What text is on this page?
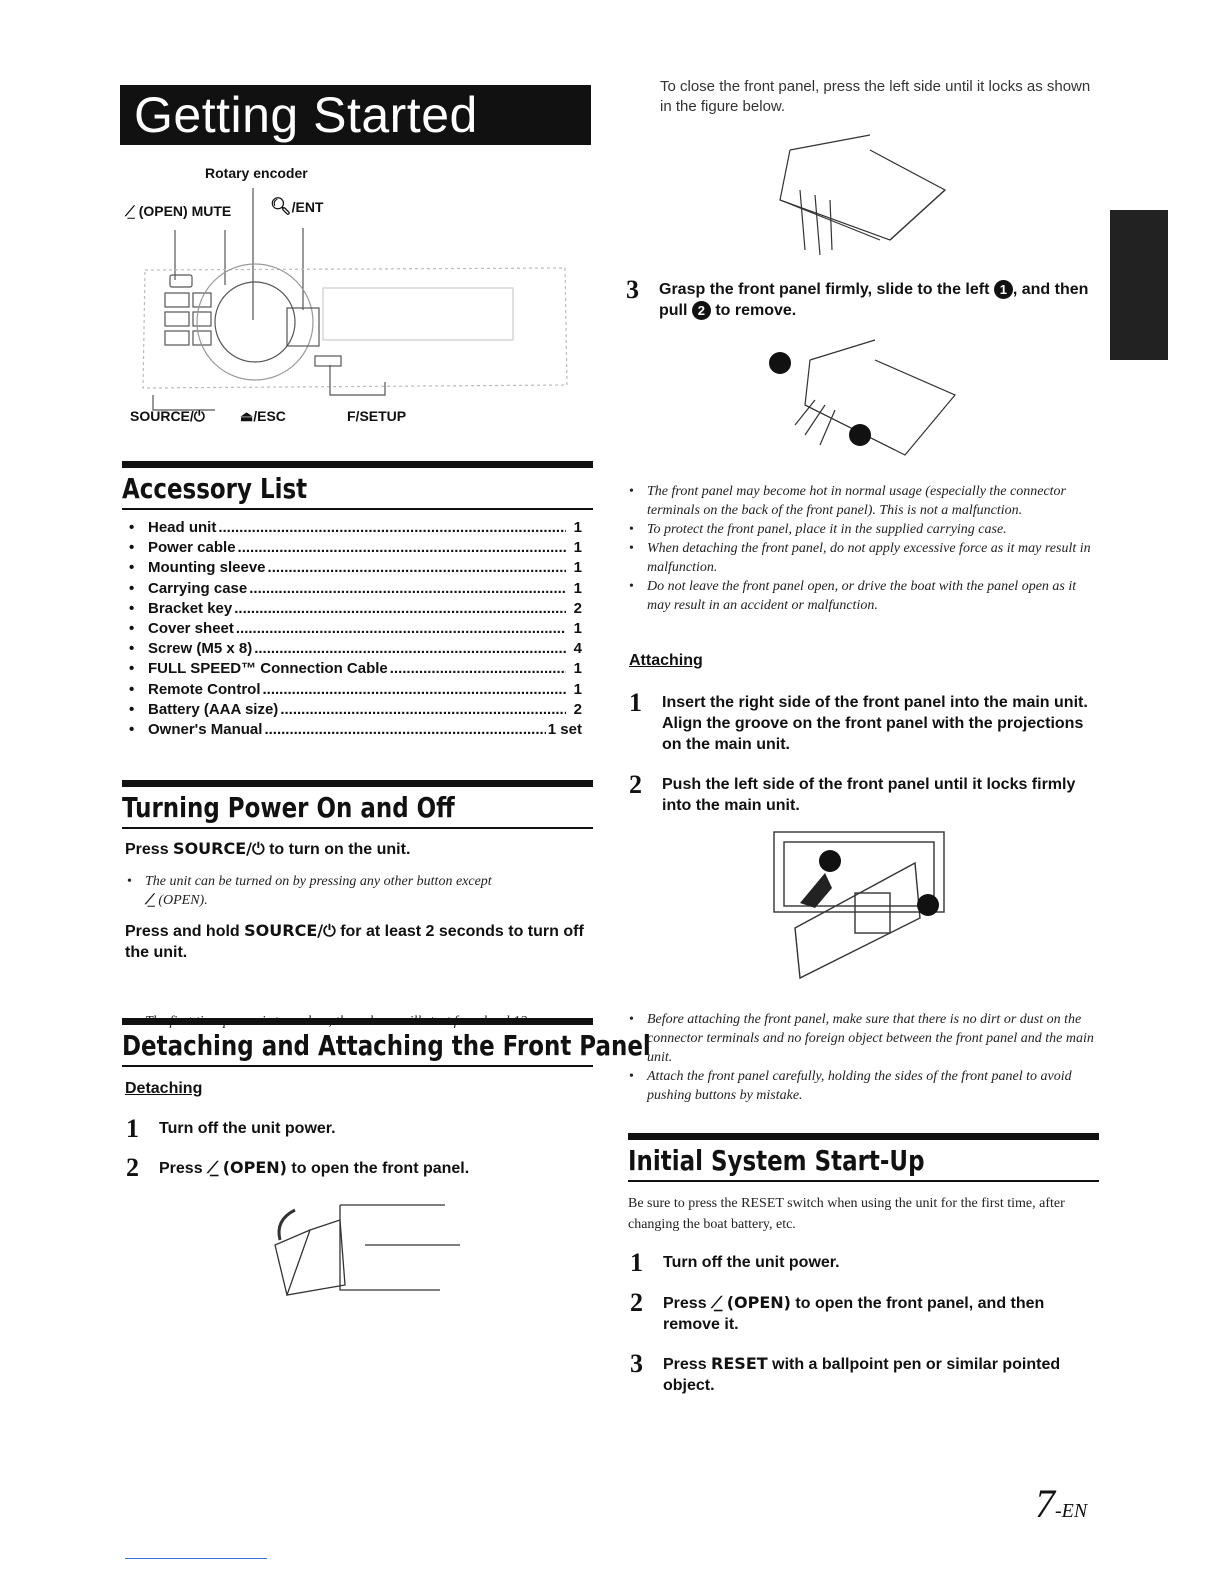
Getting Started
Rotary encoder
⟋̲ (OPEN) MUTE 🔍︎/ENT
SOURCE/⏻	⏏︎/ESC	F/SETUP
Accessory List
• Head unit .....	1
• Power cable .....	1
• Mounting sleeve .....	1
• Carrying case .....	1
• Bracket key .....	2
• Cover sheet .....	1
• Screw (M5 x 8) .....	4
• FULL SPEED™ Connection Cable .....	1
• Remote Control .....	1
• Battery (AAA size) .....	2
• Owner's Manual .....	1 set
Turning Power On and Off
Press SOURCE/⏻ to turn on the unit.
• The unit can be turned on by pressing any other button except
⟋̲ (OPEN).
Press and hold SOURCE/⏻ for at least 2 seconds to turn off the unit.
•
Detaching and Attaching the Front Panel
Detaching
1 Turn off the unit power.
2 Press ⟋̲ (OPEN) to open the front panel.
To close the front panel, press the left side until it locks as shown in the figure below.
3 Grasp the front panel firmly, slide to the left 1 , and then pull 2 to remove.
• The front panel may become hot in normal usage (especially the connector terminals on the back of the front panel). This is not a malfunction.
• To protect the front panel, place it in the supplied carrying case.
• When detaching the front panel, do not apply excessive force as it may result in malfunction.
• Do not leave the front panel open, or drive the boat with the panel open as it may result in an accident or malfunction.
Attaching
1 Insert the right side of the front panel into the main unit. Align the groove on the front panel with the projections on the main unit.
2 Push the left side of the front panel until it locks firmly into the main unit.
• Before attaching the front panel, make sure that there is no dirt or dust on the connector terminals and no foreign object between the front panel and the main unit.
• Attach the front panel carefully, holding the sides of the front panel to avoid pushing buttons by mistake.
Initial System Start-Up
Be sure to press the RESET switch when using the unit for the first time, after changing the boat battery, etc.
1 Turn off the unit power.
2 Press ⟋̲ (OPEN) to open the front panel, and then remove it.
3 Press RESET with a ballpoint pen or similar pointed object.
7-EN
